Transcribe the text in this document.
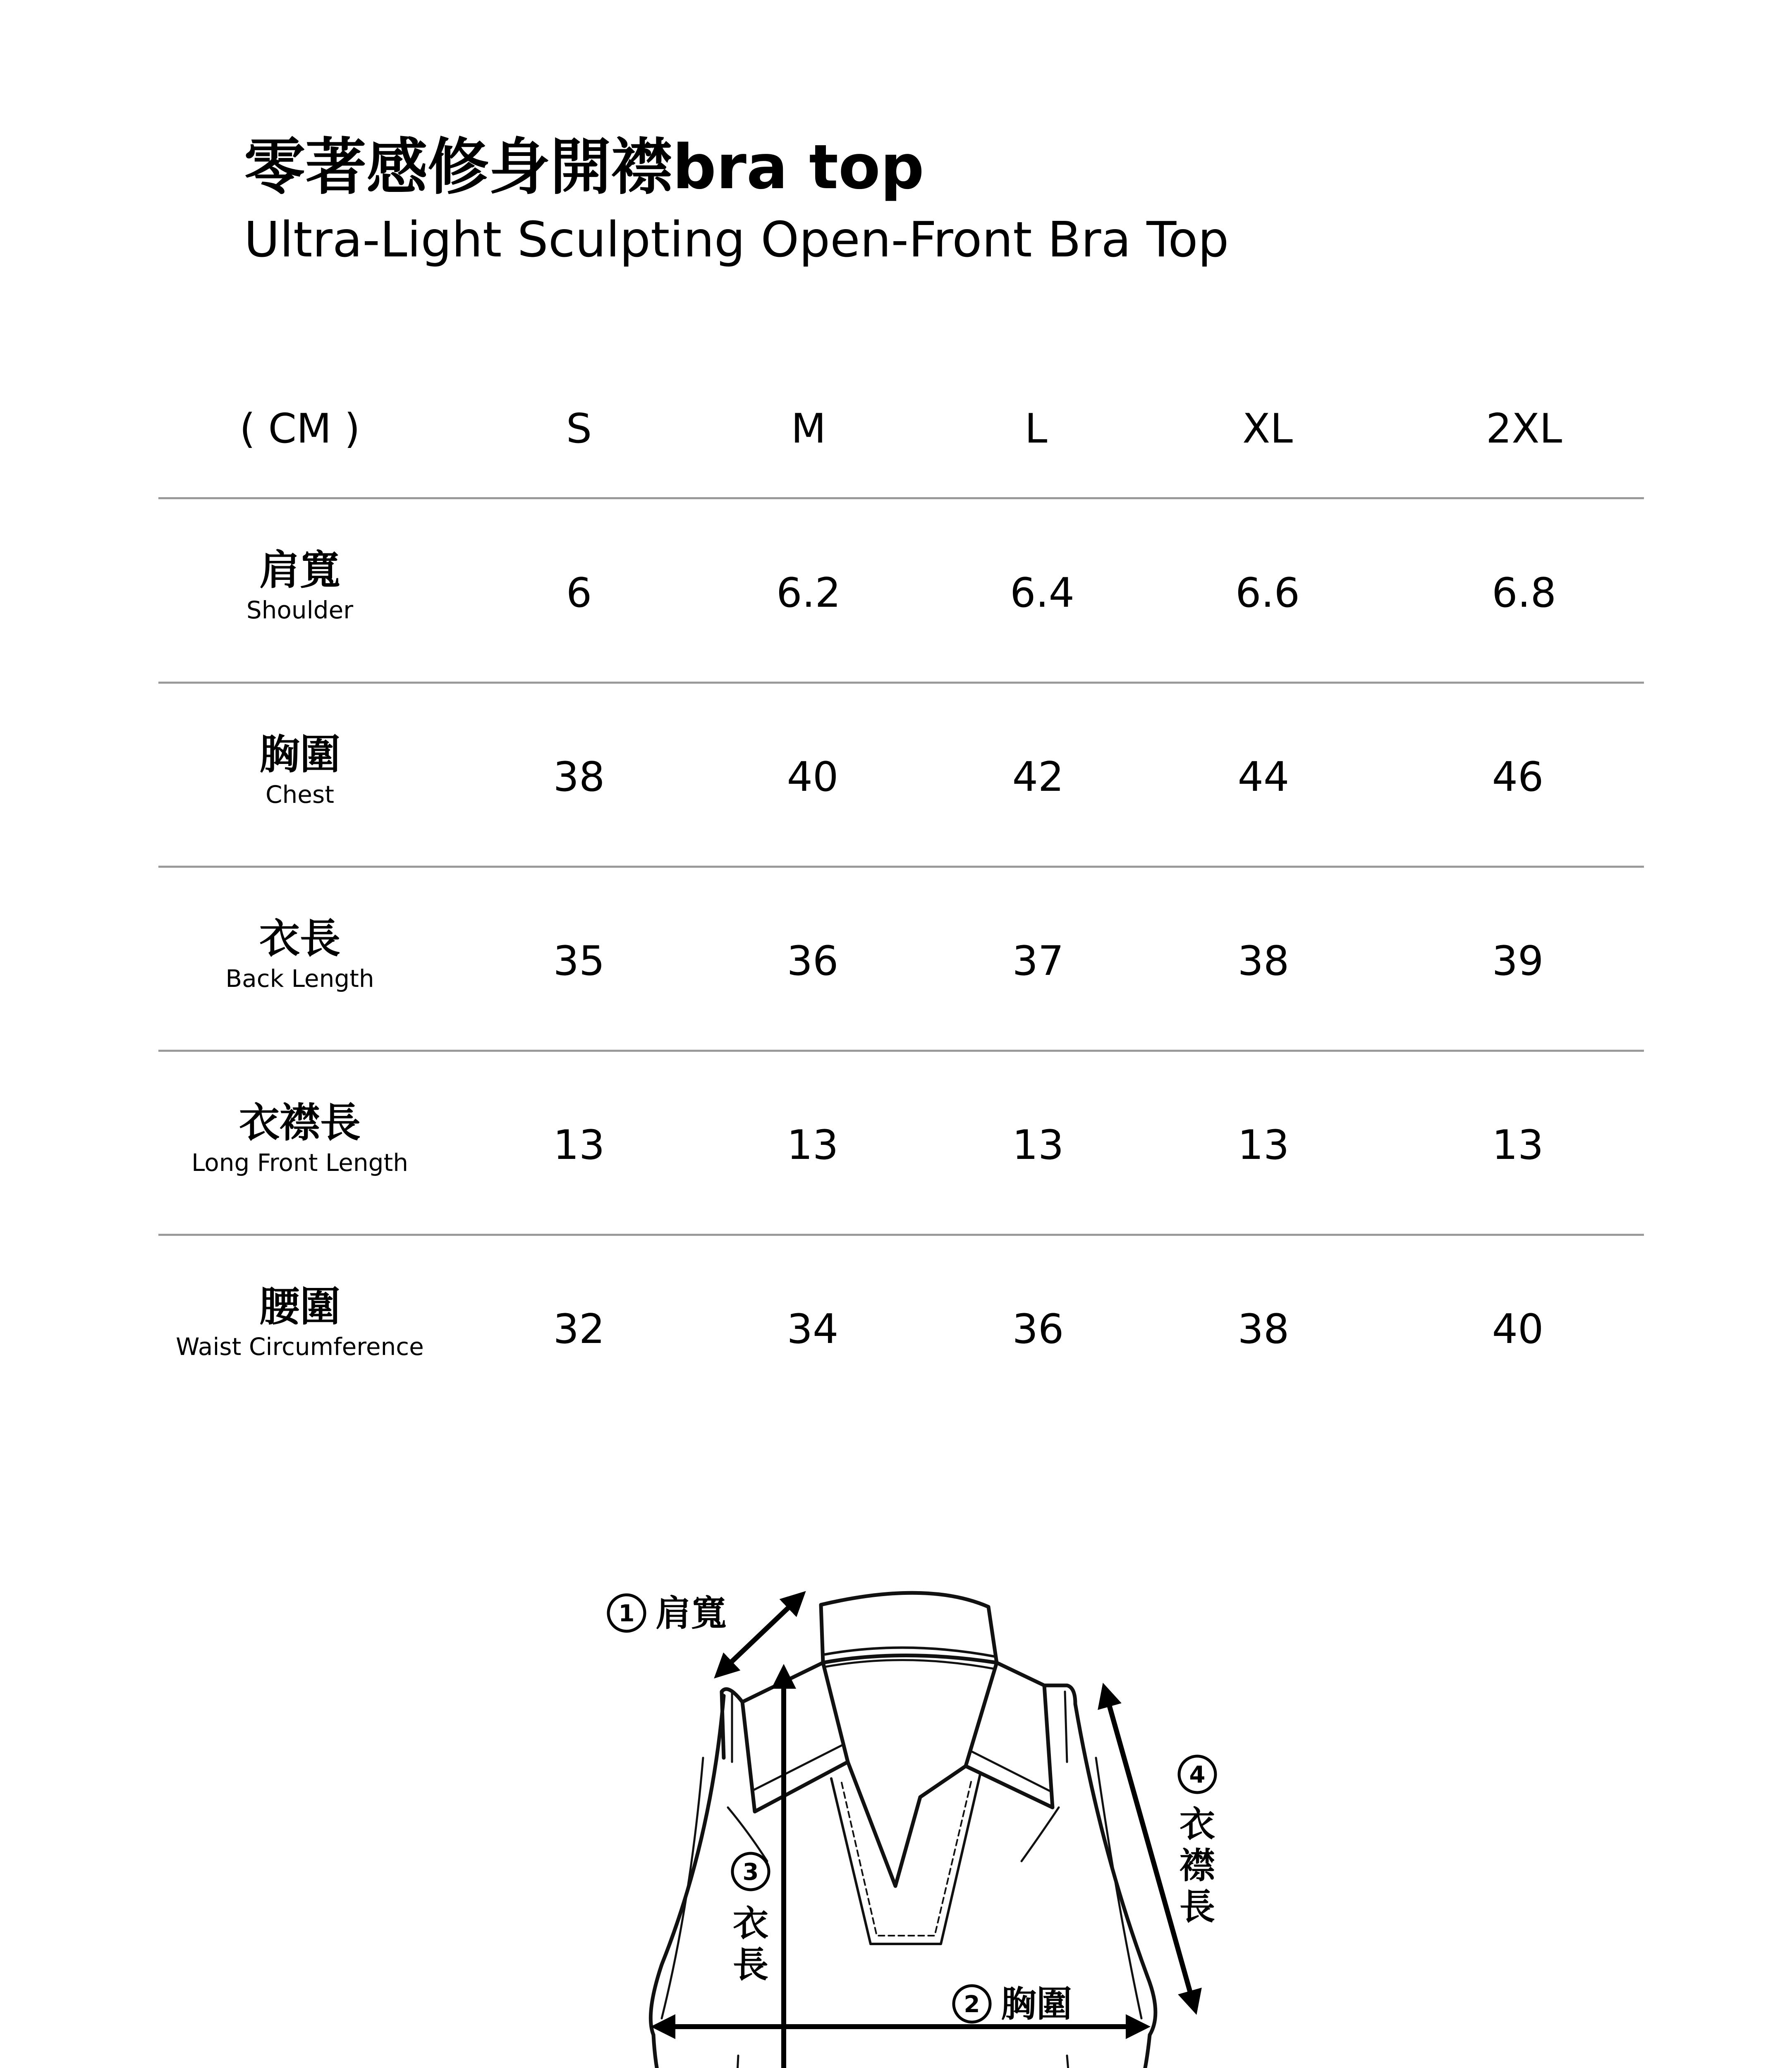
零著感修身開襟bra top
Ultra-Light Sculpting Open-Front Bra Top
( CM )	S	M	L	XL	2XL
肩寬
Shoulder	6	6.2	6.4	6.6	6.8
胸圍
Chest	38	40	42	44	46
衣長
Back Length	35	36	37	38	39
衣襟長
Long Front Length	13	13	13	13	13
腰圍
Waist Circumference	32	34	36	38	40
1 肩寬
2 胸圍
3
衣
長
4
衣
襟
長
